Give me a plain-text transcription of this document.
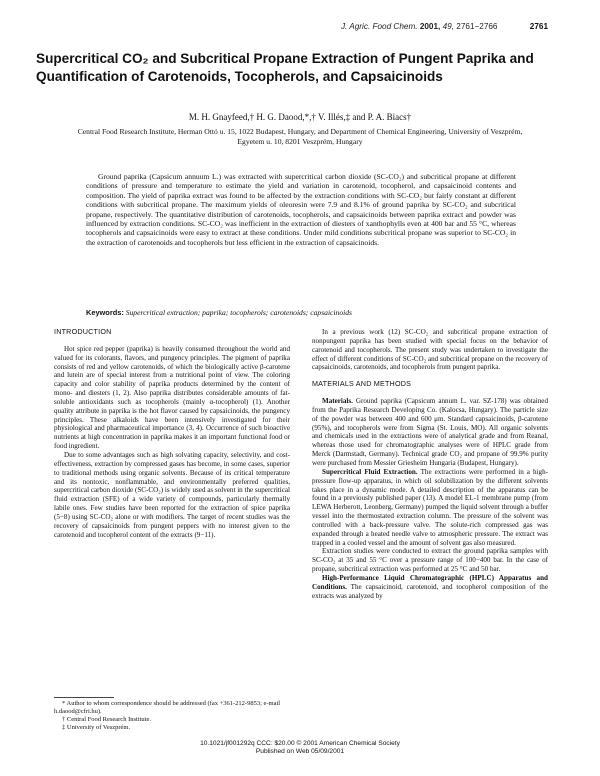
J. Agric. Food Chem. 2001, 49, 2761−2766	2761
Supercritical CO₂ and Subcritical Propane Extraction of Pungent Paprika and Quantification of Carotenoids, Tocopherols, and Capsaicinoids
M. H. Gnayfeed,† H. G. Daood,*,† V. Illés,‡ and P. A. Biacs†
Central Food Research Institute, Herman Ottó u. 15, 1022 Budapest, Hungary, and Department of Chemical Engineering, University of Veszprém, Egyetem u. 10, 8201 Veszprém, Hungary
Ground paprika (Capsicum annuum L.) was extracted with supercritical carbon dioxide (SC-CO₂) and subcritical propane at different conditions of pressure and temperature to estimate the yield and variation in carotenoid, tocopherol, and capsaicinoid contents and composition. The yield of paprika extract was found to be affected by the extraction conditions with SC-CO₂ but fairly constant at different conditions with subcritical propane. The maximum yields of oleoresin were 7.9 and 8.1% of ground paprika by SC-CO₂ and subcritical propane, respectively. The quantitative distribution of carotenoids, tocopherols, and capsaicinoids between paprika extract and powder was influenced by extraction conditions. SC-CO₂ was inefficient in the extraction of diesters of xanthophylls even at 400 bar and 55 °C, whereas tocopherols and capsaicinoids were easy to extract at these conditions. Under mild conditions subcritical propane was superior to SC-CO₂ in the extraction of carotenoids and tocopherols but less efficient in the extraction of capsaicinoids.
Keywords: Supercritical extraction; paprika; tocopherols; carotenoids; capsaicinoids
INTRODUCTION

Hot spice red pepper (paprika) is heavily consumed throughout the world and valued for its colorants, flavors, and pungency principles. The pigment of paprika consists of red and yellow carotenoids, of which the biologically active β-carotene and lutein are of special interest from a nutritional point of view. The coloring capacity and color stability of paprika products determined by the content of mono- and diesters (1, 2). Also paprika distributes considerable amounts of fat-soluble antioxidants such as tocopherols (mainly α-tocopherol) (1). Another quality attribute in paprika is the hot flavor caused by capsaicinoids, the pungency principles. These alkaloids have been intensively investigated for their physiological and pharmaceutical importance (3, 4). Occurrence of such bioactive nutrients at high concentration in paprika makes it an important functional food or food ingredient.

Due to some advantages such as high solvating capacity, selectivity, and cost-effectiveness, extraction by compressed gases has become, in some cases, superior to traditional methods using organic solvents. Because of its critical temperature and its nontoxic, nonflammable, and environmentally preferred qualities, supercritical carbon dioxide (SC-CO₂) is widely used as solvent in the supercritical fluid extraction (SFE) of a wide variety of compounds, particularly thermally labile ones. Few studies have been reported for the extraction of spice paprika (5−8) using SC-CO₂ alone or with modifiers. The target of recent studies was the recovery of capsaicinoids from pungent peppers with no interest given to the carotenoid and tocopherol content of the extracts (9−11).

In a previous work (12) SC-CO₂ and subcritical propane extraction of nonpungent paprika has been studied with special focus on the behavior of carotenoid and tocopherols. The present study was undertaken to investigate the effect of different conditions of SC-CO₂ and subcritical propane on the recovery of capsaicinoids, carotenoids, and tocopherols from pungent paprika.

MATERIALS AND METHODS

Materials. Ground paprika (Capsicum annum L. var. SZ-178) was obtained from the Paprika Research Developing Co. (Kalocsa, Hungary). The particle size of the powder was between 400 and 600 μm. Standard capsaicinoids, β-carotene (95%), and tocopherols were from Sigma (St. Louis, MO). All organic solvents and chemicals used in the extractions were of analytical grade and from Reanal, whereas those used for chromatographic analyses were of HPLC grade from Merck (Darmstadt, Germany). Technical grade CO₂ and propane of 99.9% purity were purchased from Messier Griesheim Hungaria (Budapest, Hungary).

Supercritical Fluid Extraction. The extractions were performed in a high-pressure flow-up apparatus, in which oil solubilization by the different solvents takes place in a dynamic mode. A detailed description of the apparatus can be found in a previously published paper (13). A model EL-1 membrane pump (from LEWA Herberott, Leonberg, Germany) pumped the liquid solvent through a buffer vessel into the thermostated extraction column. The pressure of the solvent was controlled with a back-pressure valve. The solute-rich compressed gas was expanded through a heated needle valve to atmospheric pressure. The extract was trapped in a cooled vessel and the amount of solvent gas also measured.

Extraction studies were conducted to extract the ground paprika samples with SC-CO₂ at 35 and 55 °C over a pressure range of 100−400 bar. In the case of propane, subcritical extraction was performed at 25 °C and 50 bar.

High-Performance Liquid Chromatographic (HPLC) Apparatus and Conditions. The capsaicinoid, carotenoid, and tocopherol composition of the extracts was analyzed by

* Author to whom correspondence should be addressed (fax +361-212-9853; e-mail h.daood@cfri.hu).
† Central Food Research Institute.
‡ University of Veszprém.
10.1021/jf001292q CCC: $20.00 © 2001 American Chemical Society
Published on Web 05/09/2001
